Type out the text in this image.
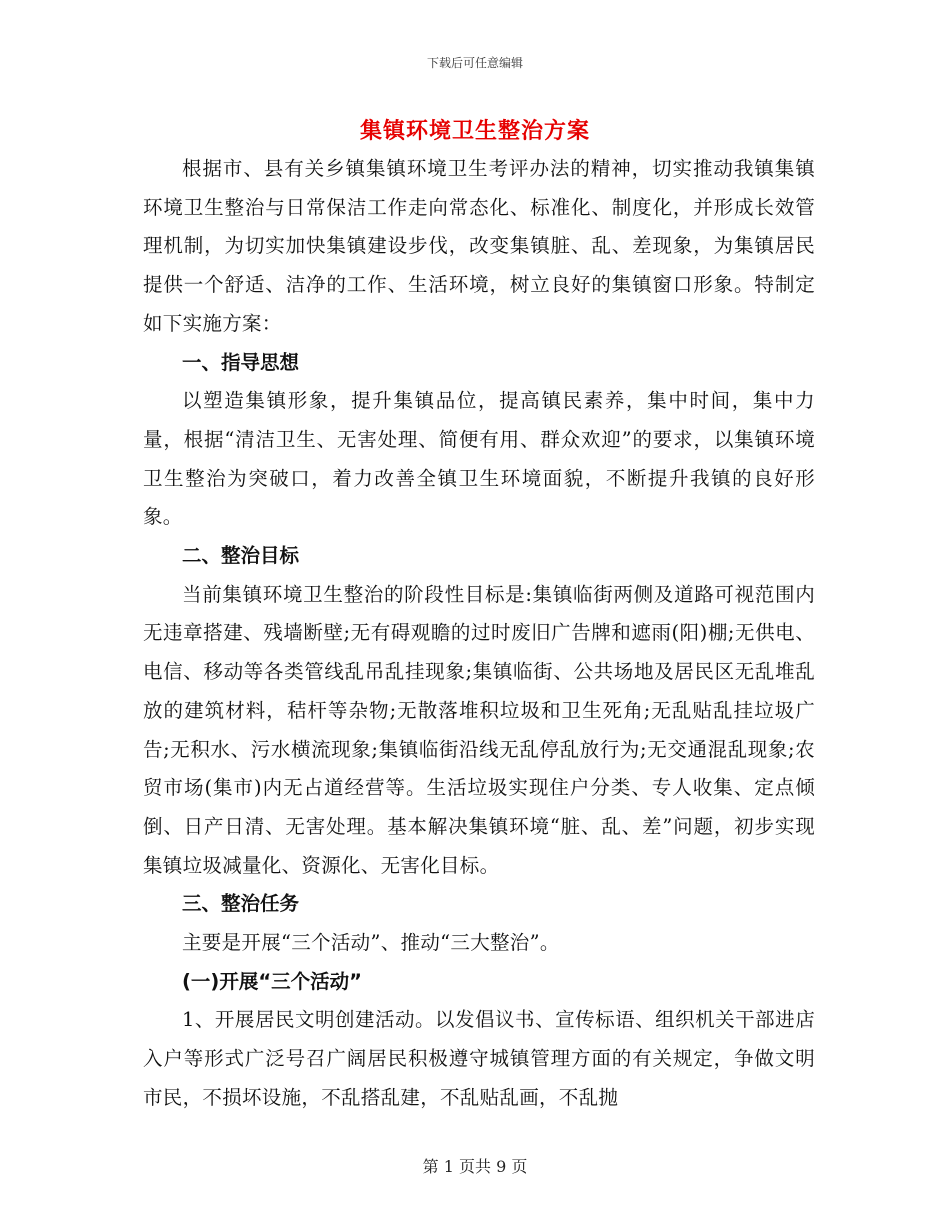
下载后可任意编辑
集镇环境卫生整治方案

根据市、县有关乡镇集镇环境卫生考评办法的精神，切实推动我镇集镇环境卫生整治与日常保洁工作走向常态化、标准化、制度化，并形成长效管理机制，为切实加快集镇建设步伐，改变集镇脏、乱、差现象，为集镇居民提供一个舒适、洁净的工作、生活环境，树立良好的集镇窗口形象。特制定如下实施方案：

一、指导思想

以塑造集镇形象，提升集镇品位，提高镇民素养，集中时间，集中力量，根据“清洁卫生、无害处理、简便有用、群众欢迎”的要求，以集镇环境卫生整治为突破口，着力改善全镇卫生环境面貌，不断提升我镇的良好形象。

二、整治目标

当前集镇环境卫生整治的阶段性目标是:集镇临街两侧及道路可视范围内无违章搭建、残墙断壁;无有碍观瞻的过时废旧广告牌和遮雨(阳)棚;无供电、电信、移动等各类管线乱吊乱挂现象;集镇临街、公共场地及居民区无乱堆乱放的建筑材料，秸杆等杂物;无散落堆积垃圾和卫生死角;无乱贴乱挂垃圾广告;无积水、污水横流现象;集镇临街沿线无乱停乱放行为;无交通混乱现象;农贸市场(集市)内无占道经营等。生活垃圾实现住户分类、专人收集、定点倾倒、日产日清、无害处理。基本解决集镇环境“脏、乱、差”问题，初步实现集镇垃圾减量化、资源化、无害化目标。

三、整治任务

主要是开展“三个活动”、推动“三大整治”。

(一)开展“三个活动”

1、开展居民文明创建活动。以发倡议书、宣传标语、组织机关干部进店入户等形式广泛号召广阔居民积极遵守城镇管理方面的有关规定，争做文明市民，不损坏设施，不乱搭乱建，不乱贴乱画，不乱抛

第 1 页共 9 页
